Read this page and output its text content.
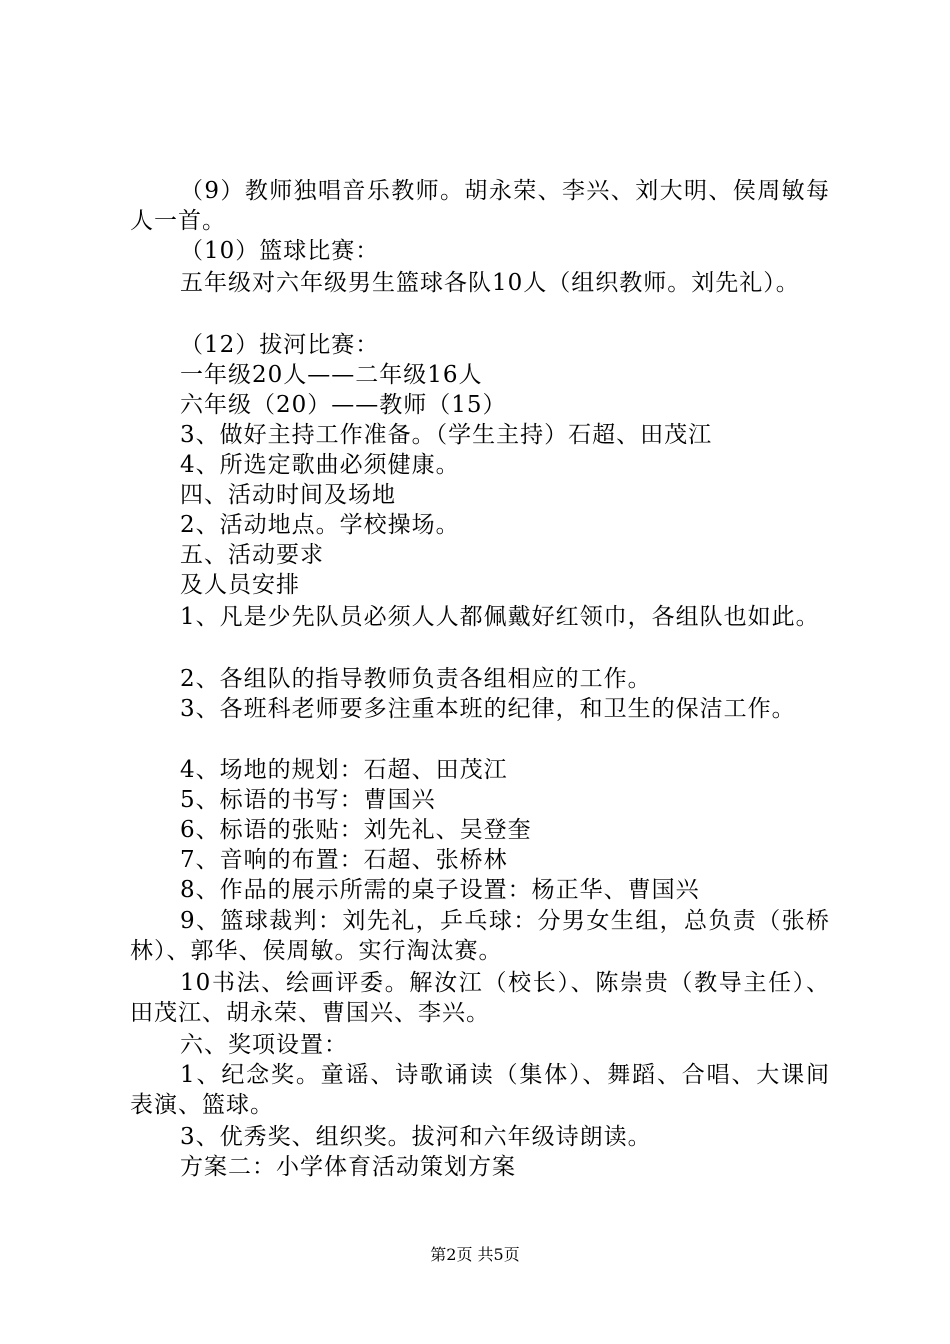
（9）教师独唱音乐教师。胡永荣、李兴、刘大明、侯周敏每人一首。
（10）篮球比赛：
五年级对六年级男生篮球各队10人（组织教师。刘先礼）。
（12）拔河比赛：
一年级20人——二年级16人
六年级（20）——教师（15）
3、做好主持工作准备。（学生主持）石超、田茂江
4、所选定歌曲必须健康。
四、活动时间及场地
2、活动地点。学校操场。
五、活动要求
及人员安排
1、凡是少先队员必须人人都佩戴好红领巾，各组队也如此。
2、各组队的指导教师负责各组相应的工作。
3、各班科老师要多注重本班的纪律，和卫生的保洁工作。
4、场地的规划：石超、田茂江
5、标语的书写：曹国兴
6、标语的张贴：刘先礼、吴登奎
7、音响的布置：石超、张桥林
8、作品的展示所需的桌子设置：杨正华、曹国兴
9、篮球裁判：刘先礼，乒乓球：分男女生组，总负责（张桥林）、郭华、侯周敏。实行淘汰赛。
10书法、绘画评委。解汝江（校长）、陈崇贵（教导主任）、田茂江、胡永荣、曹国兴、李兴。
六、奖项设置：
1、纪念奖。童谣、诗歌诵读（集体）、舞蹈、合唱、大课间表演、篮球。
3、优秀奖、组织奖。拔河和六年级诗朗读。
方案二：小学体育活动策划方案
第2页 共5页
